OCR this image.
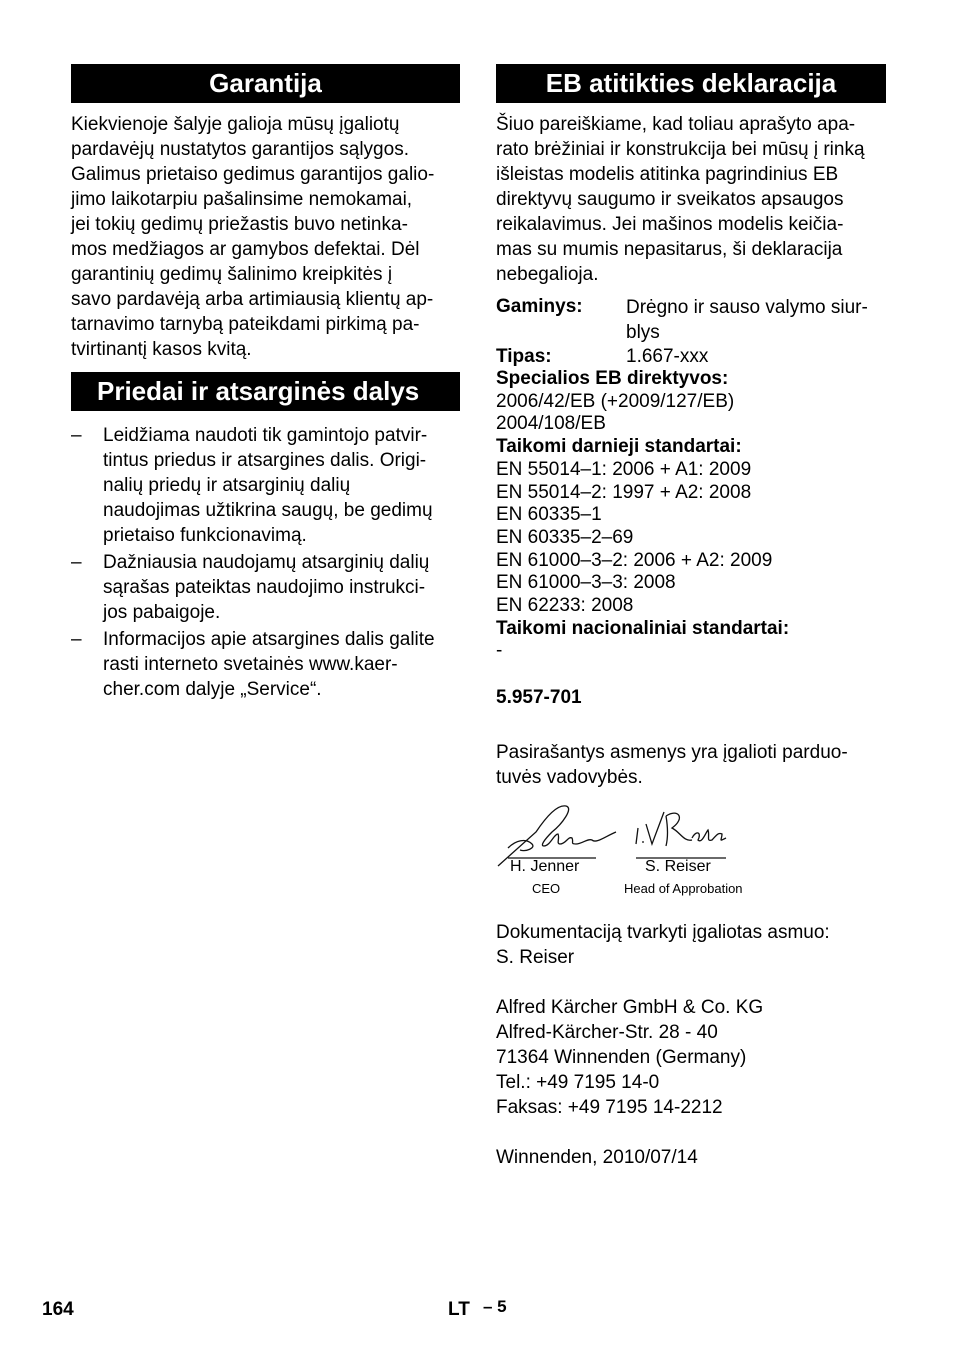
Garantija

Kiekvienoje šalyje galioja mūsų įgaliotų

pardavėjų nustatytos garantijos sąlygos.

Galimus prietaiso gedimus garantijos galio-

jimo laikotarpiu pašalinsime nemokamai,

jei tokių gedimų priežastis buvo netinka-

mos medžiagos ar gamybos defektai. Dėl

garantinių gedimų šalinimo kreipkitės į

savo pardavėją arba artimiausią klientų ap-

tarnavimo tarnybą pateikdami pirkimą pa-

tvirtinantį kasos kvitą.

Priedai ir atsarginės dalys
– Leidžiama naudoti tik gamintojo patvir-
tintus priedus ir atsargines dalis. Origi-
nalių priedų ir atsarginių dalių
naudojimas užtikrina saugų, be gedimų
prietaiso funkcionavimą.
– Dažniausia naudojamų atsarginių dalių
sąrašas pateiktas naudojimo instrukci-
jos pabaigoje.
– Informacijos apie atsargines dalis galite
rasti interneto svetainės www.kaer-
cher.com dalyje „Service“.
EB atitikties deklaracija

Šiuo pareiškiame, kad toliau aprašyto apa-

rato brėžiniai ir konstrukcija bei mūsų į rinką

išleistas modelis atitinka pagrindinius EB

direktyvų saugumo ir sveikatos apsaugos

reikalavimus. Jei mašinos modelis keičia-

mas su mumis nepasitarus, ši deklaracija

nebegalioja.

Gaminys:	Drėgno ir sauso valymo siur-
blys
Tipas:	1.667-xxx
Specialios EB direktyvos:
2006/42/EB (+2009/127/EB)
2004/108/EB
Taikomi darnieji standartai:
EN 55014–1: 2006 + A1: 2009
EN 55014–2: 1997 + A2: 2008
EN 60335–1
EN 60335–2–69
EN 61000–3–2: 2006 + A2: 2009
EN 61000–3–3: 2008
EN 62233: 2008
Taikomi nacionaliniai standartai:
-
5.957-701

Pasirašantys asmenys yra įgalioti parduo-

tuvės vadovybės.

H. Jenner
CEO
S. Reiser
Head of Approbation

Dokumentaciją tvarkyti įgaliotas asmuo:

S. Reiser

Alfred Kärcher GmbH & Co. KG

Alfred-Kärcher-Str. 28 - 40

71364 Winnenden (Germany)

Tel.: +49 7195 14-0

Faksas: +49 7195 14-2212

Winnenden, 2010/07/14

164	LT – 5
